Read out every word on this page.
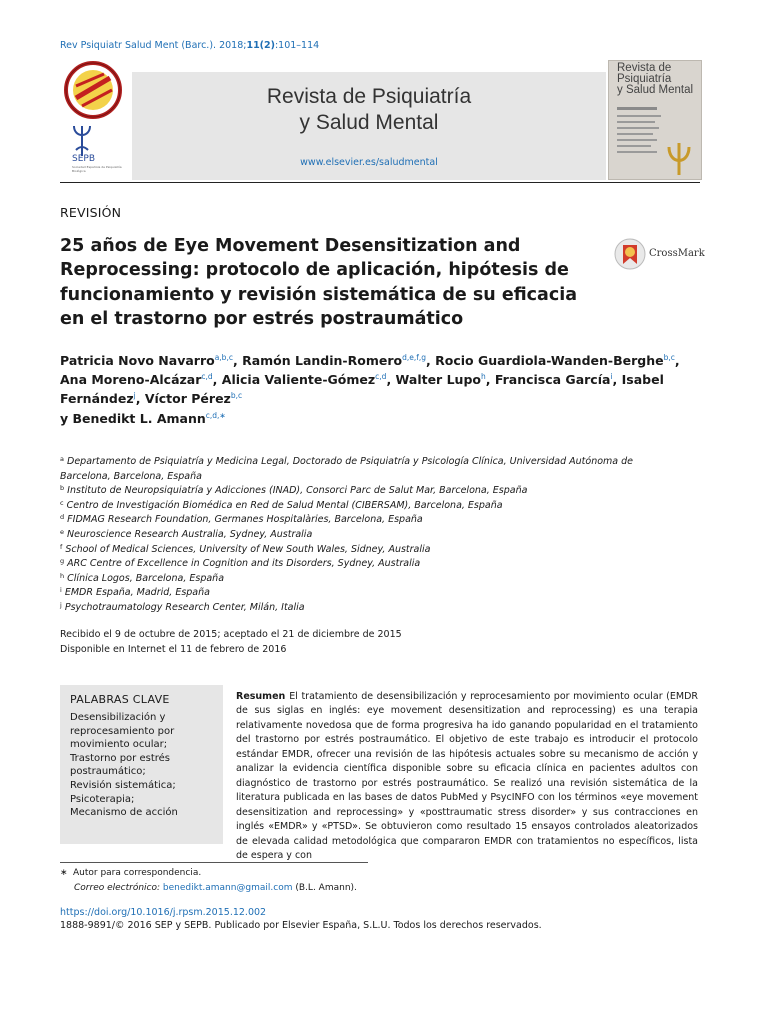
Rev Psiquiatr Salud Ment (Barc.). 2018;11(2):101–114
SEPB
Sociedad Española de Psiquiatría Biológica
Revista de Psiquiatría
y Salud Mental
www.elsevier.es/saludmental
Revista de
Psiquiatría
y Salud Mental
REVISIÓN
25 años de Eye Movement Desensitization and Reprocessing: protocolo de aplicación, hipótesis de funcionamiento y revisión sistemática de su eficacia en el trastorno por estrés postraumático
CrossMark
Patricia Novo Navarro$^{a,b,c}$, Ramón Landin-Romero$^{d,e,f,g}$, Rocio Guardiola-Wanden-Berghe$^{b,c}$, Ana Moreno-Alcázar$^{c,d}$, Alicia Valiente-Gómez$^{c,d}$, Walter Lupo$^h$, Francisca García$^i$, Isabel Fernández$^j$, Víctor Pérez$^{b,c}$
y Benedikt L. Amann$^{c,d,∗}$
$^a$ Departamento de Psiquiatría y Medicina Legal, Doctorado de Psiquiatría y Psicología Clínica, Universidad Autónoma de Barcelona, Barcelona, España
$^b$ Instituto de Neuropsiquiatría y Adicciones (INAD), Consorci Parc de Salut Mar, Barcelona, España
$^c$ Centro de Investigación Biomédica en Red de Salud Mental (CIBERSAM), Barcelona, España
$^d$ FIDMAG Research Foundation, Germanes Hospitalàries, Barcelona, España
$^e$ Neuroscience Research Australia, Sydney, Australia
$^f$ School of Medical Sciences, University of New South Wales, Sidney, Australia
$^g$ ARC Centre of Excellence in Cognition and its Disorders, Sydney, Australia
$^h$ Clínica Logos, Barcelona, España
$^i$ EMDR España, Madrid, España
$^j$ Psychotraumatology Research Center, Milán, Italia
Recibido el 9 de octubre de 2015; aceptado el 21 de diciembre de 2015
Disponible en Internet el 11 de febrero de 2016
PALABRAS CLAVE
Desensibilización y reprocesamiento por movimiento ocular;
Trastorno por estrés postraumático;
Revisión sistemática;
Psicoterapia;
Mecanismo de acción
Resumen El tratamiento de desensibilización y reprocesamiento por movimiento ocular (EMDR de sus siglas en inglés: eye movement desensitization and reprocessing) es una terapia relativamente novedosa que de forma progresiva ha ido ganando popularidad en el tratamiento del trastorno por estrés postraumático. El objetivo de este trabajo es introducir el protocolo estándar EMDR, ofrecer una revisión de las hipótesis actuales sobre su mecanismo de acción y analizar la evidencia científica disponible sobre su eficacia clínica en pacientes adultos con diagnóstico de trastorno por estrés postraumático. Se realizó una revisión sistemática de la literatura publicada en las bases de datos PubMed y PsycINFO con los términos «eye movement desensitization and reprocessing» y «posttraumatic stress disorder» y sus contracciones en inglés «EMDR» y «PTSD». Se obtuvieron como resultado 15 ensayos controlados aleatorizados de elevada calidad metodológica que compararon EMDR con tratamientos no específicos, lista de espera y con
∗ Autor para correspondencia.
Correo electrónico: benedikt.amann@gmail.com (B.L. Amann).
https://doi.org/10.1016/j.rpsm.2015.12.002
1888-9891/© 2016 SEP y SEPB. Publicado por Elsevier España, S.L.U. Todos los derechos reservados.
